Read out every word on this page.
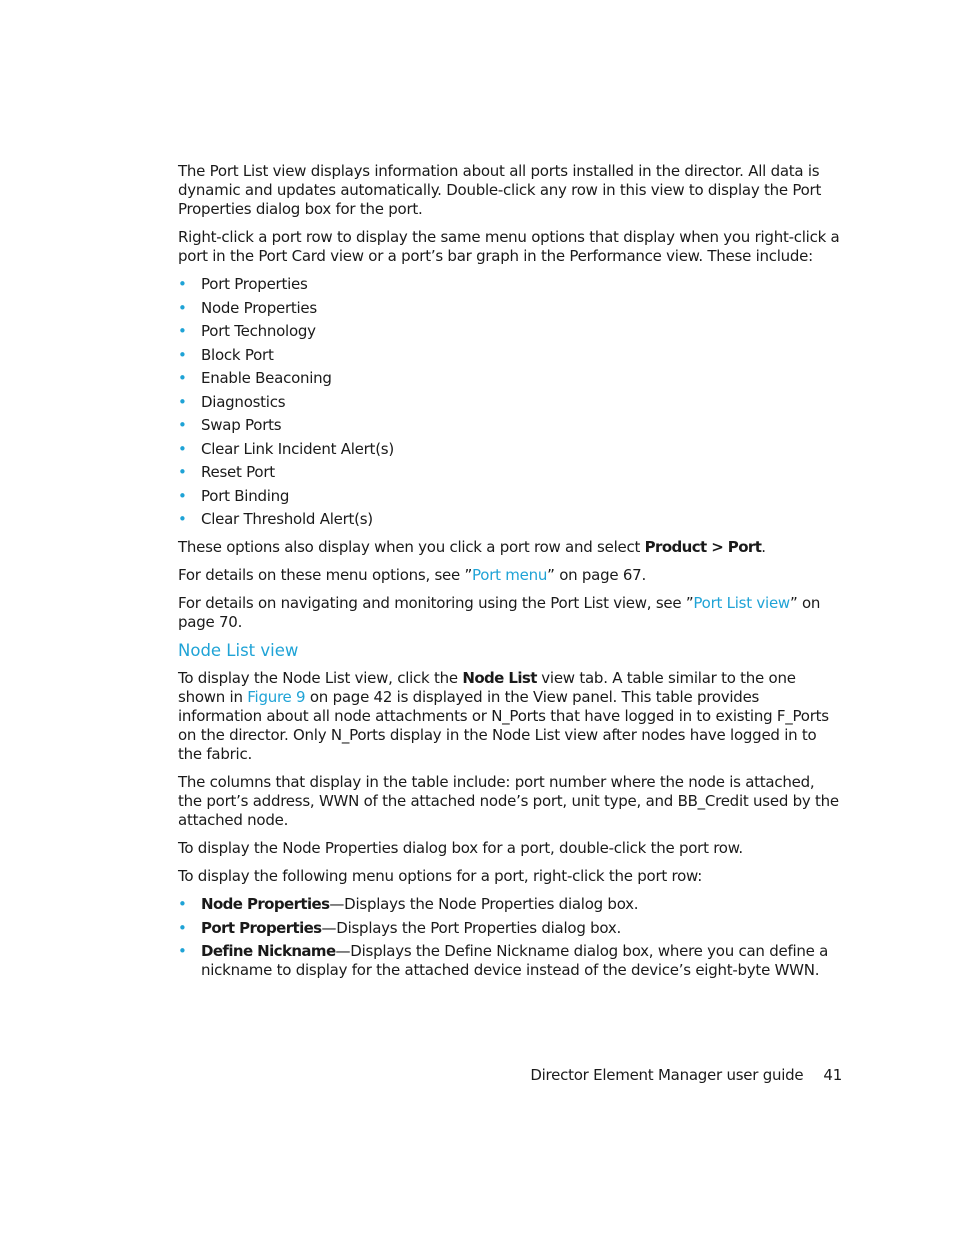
The Port List view displays information about all ports installed in the director. All data is dynamic and updates automatically. Double-click any row in this view to display the Port Properties dialog box for the port.

Right-click a port row to display the same menu options that display when you right-click a port in the Port Card view or a port’s bar graph in the Performance view. These include:

• Port Properties
• Node Properties
• Port Technology
• Block Port
• Enable Beaconing
• Diagnostics
• Swap Ports
• Clear Link Incident Alert(s)
• Reset Port
• Port Binding
• Clear Threshold Alert(s)

These options also display when you click a port row and select Product > Port.

For details on these menu options, see ”Port menu” on page 67.

For details on navigating and monitoring using the Port List view, see ”Port List view” on page 70.

Node List view

To display the Node List view, click the Node List view tab. A table similar to the one shown in Figure 9 on page 42 is displayed in the View panel. This table provides information about all node attachments or N_Ports that have logged in to existing F_Ports on the director. Only N_Ports display in the Node List view after nodes have logged in to the fabric.

The columns that display in the table include: port number where the node is attached, the port’s address, WWN of the attached node’s port, unit type, and BB_Credit used by the attached node.

To display the Node Properties dialog box for a port, double-click the port row.

To display the following menu options for a port, right-click the port row:

• Node Properties—Displays the Node Properties dialog box.
• Port Properties—Displays the Port Properties dialog box.
• Define Nickname—Displays the Define Nickname dialog box, where you can define a nickname to display for the attached device instead of the device’s eight-byte WWN.
Director Element Manager user guide 41
